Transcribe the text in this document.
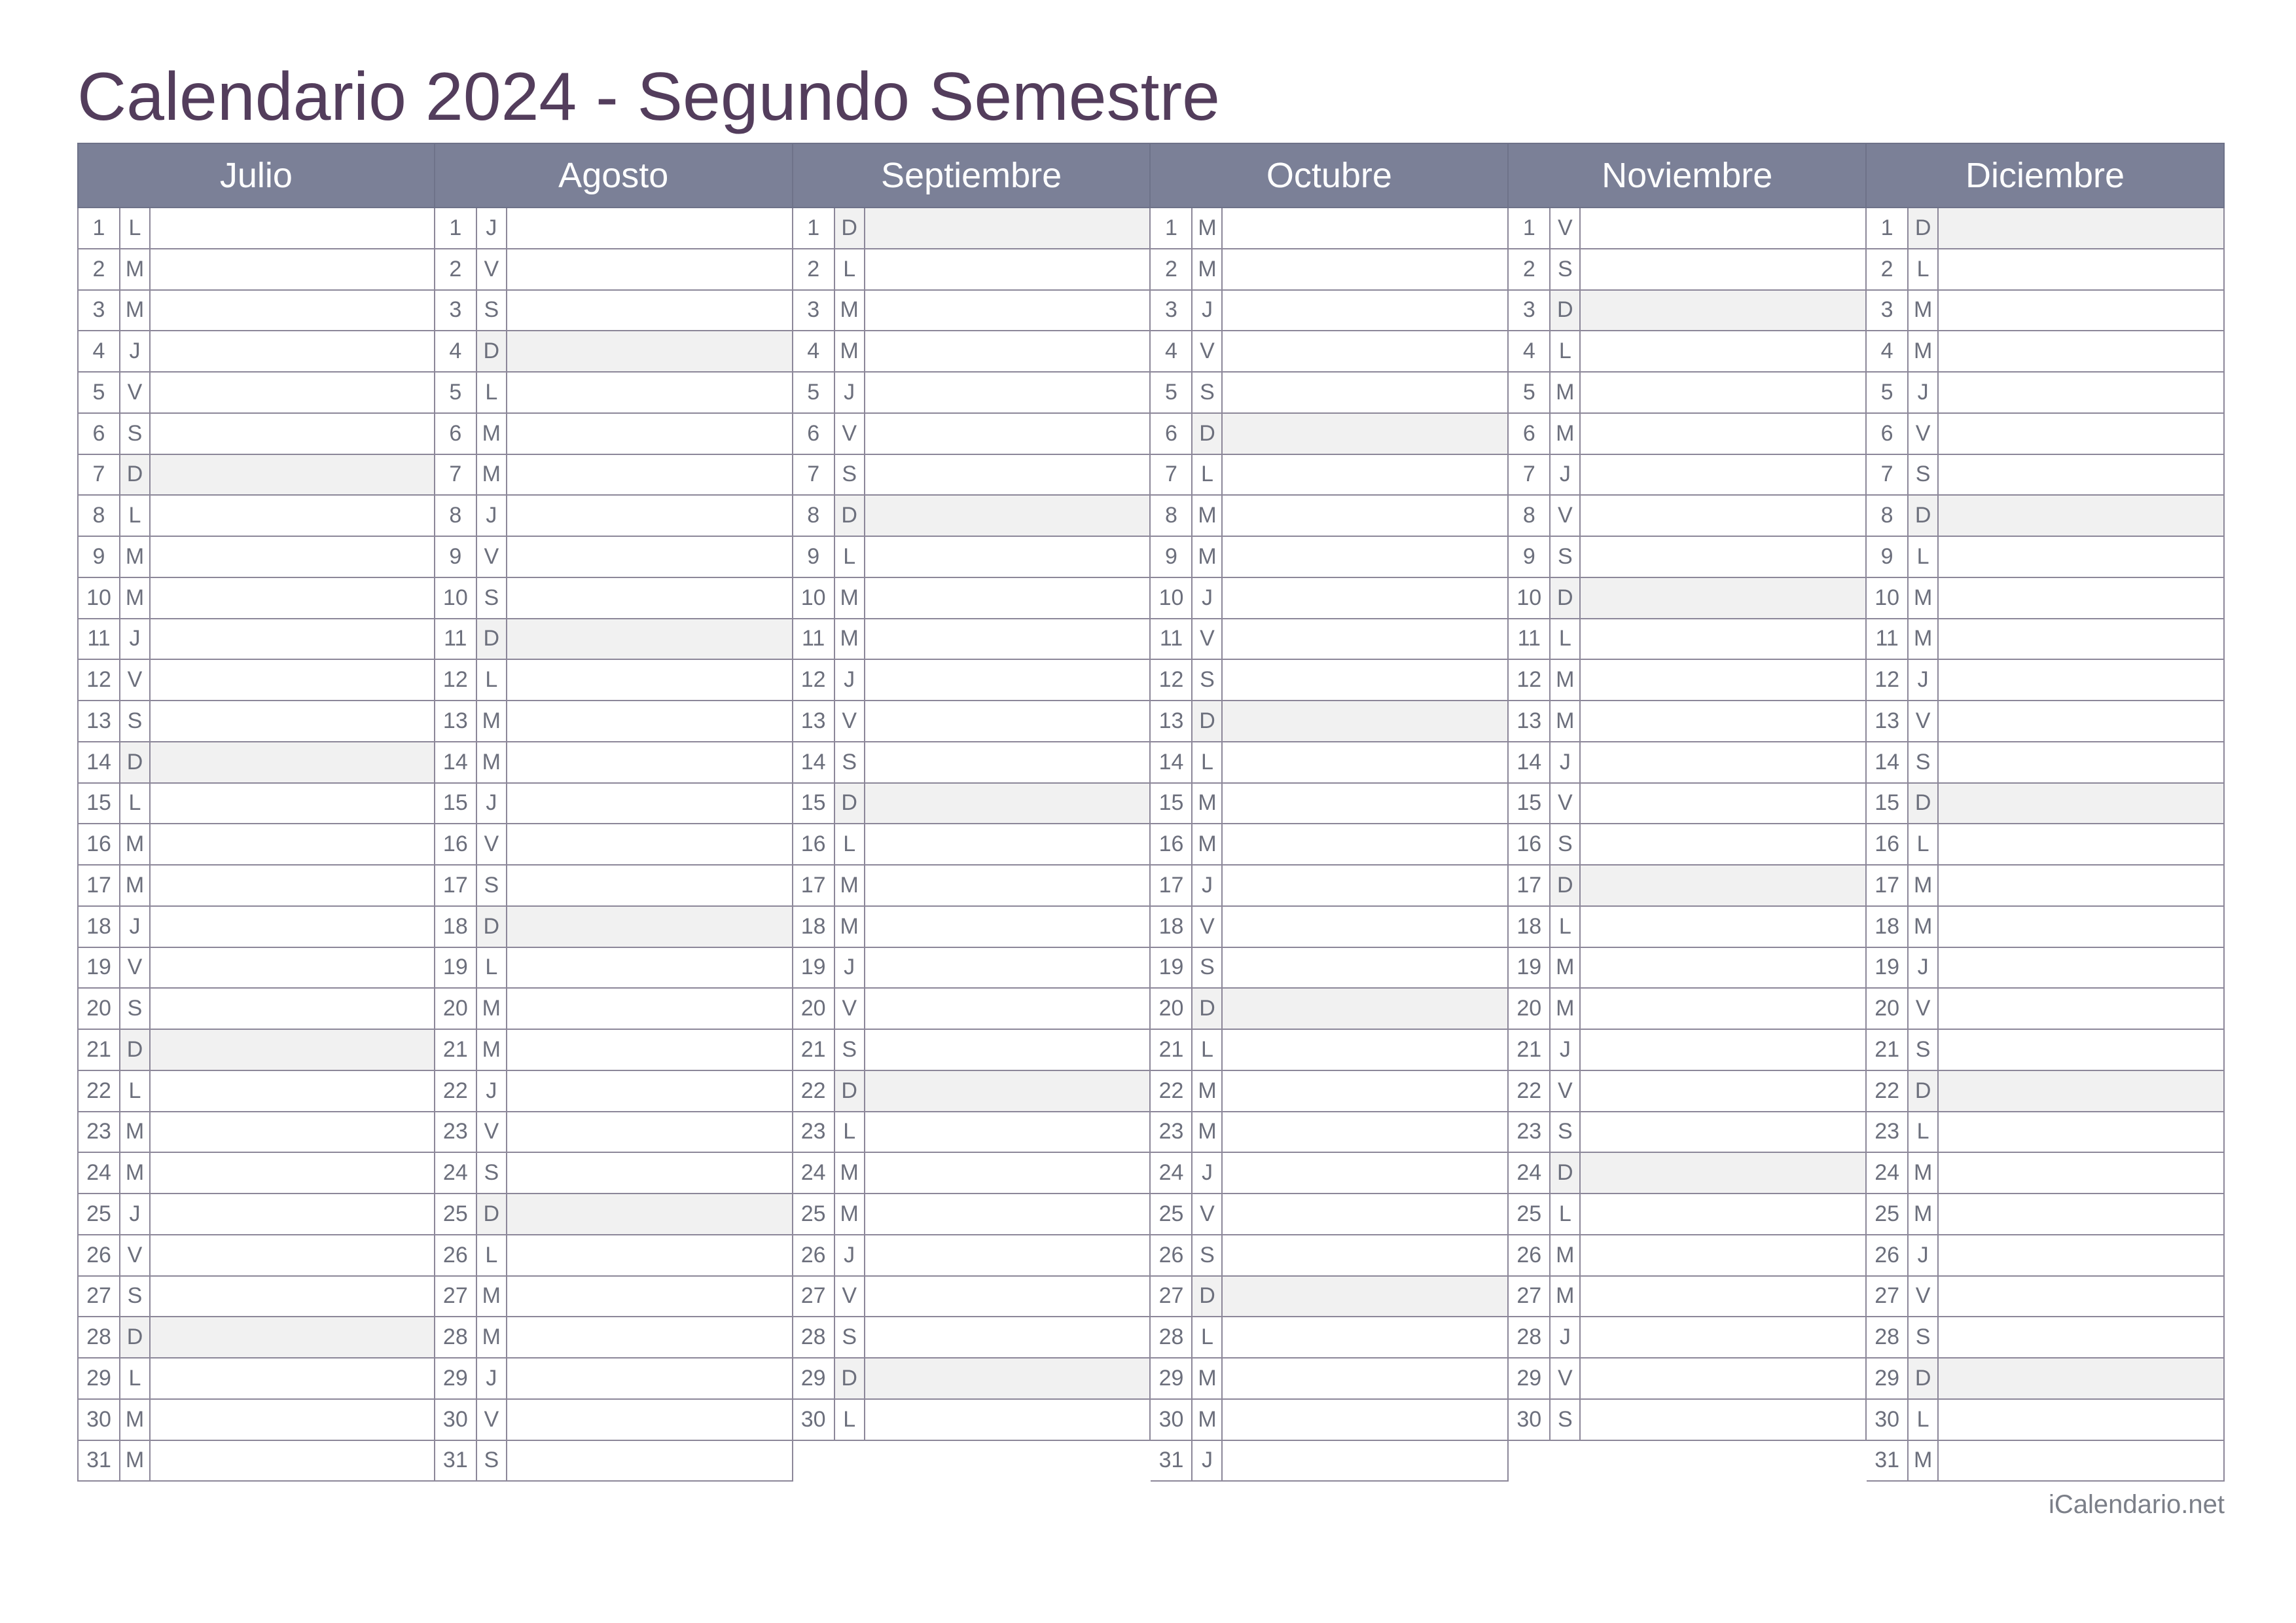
Calendario 2024 - Segundo Semestre
Julio
1	L
2 M
3 M
4	J
5	V
6	S
7 D
8	L
9 M
10 M
11 J
12 V
13 S
14 D
15 L
16 M
17 M
18 J
19 V
20 S
21 D
22 L
23 M
24 M
25 J
26 V
27 S
28 D
29 L
30 M
31 M
Agosto
1	J
2	V
3	S
4 D
5	L
6 M
7 M
8	J
9	V
10 S
11 D
12 L
13 M
14 M
15 J
16 V
17 S
18 D
19 L
20 M
21 M
22 J
23 V
24 S
25 D
26 L
27 M
28 M
29 J
30 V
31 S
Septiembre
1 D
2	L
3 M
4 M
5	J
6	V
7	S
8 D
9	L
10 M
11 M
12 J
13 V
14 S
15 D
16 L
17 M
18 M
19 J
20 V
21 S
22 D
23 L
24 M
25 M
26 J
27 V
28 S
29 D
30 L
Octubre
1 M
2 M
3	J
4	V
5	S
6 D
7	L
8 M
9 M
10 J
11 V
12 S
13 D
14 L
15 M
16 M
17 J
18 V
19 S
20 D
21 L
22 M
23 M
24 J
25 V
26 S
27 D
28 L
29 M
30 M
31 J
Noviembre
1	V
2	S
3 D
4	L
5 M
6 M
7	J
8	V
9	S
10 D
11 L
12 M
13 M
14 J
15 V
16 S
17 D
18 L
19 M
20 M
21 J
22 V
23 S
24 D
25 L
26 M
27 M
28 J
29 V
30 S
Diciembre
1 D
2	L
3 M
4 M
5	J
6	V
7	S
8 D
9	L
10 M
11 M
12 J
13 V
14 S
15 D
16 L
17 M
18 M
19 J
20 V
21 S
22 D
23 L
24 M
25 M
26 J
27 V
28 S
29 D
30 L
31 M
iCalendario.net
